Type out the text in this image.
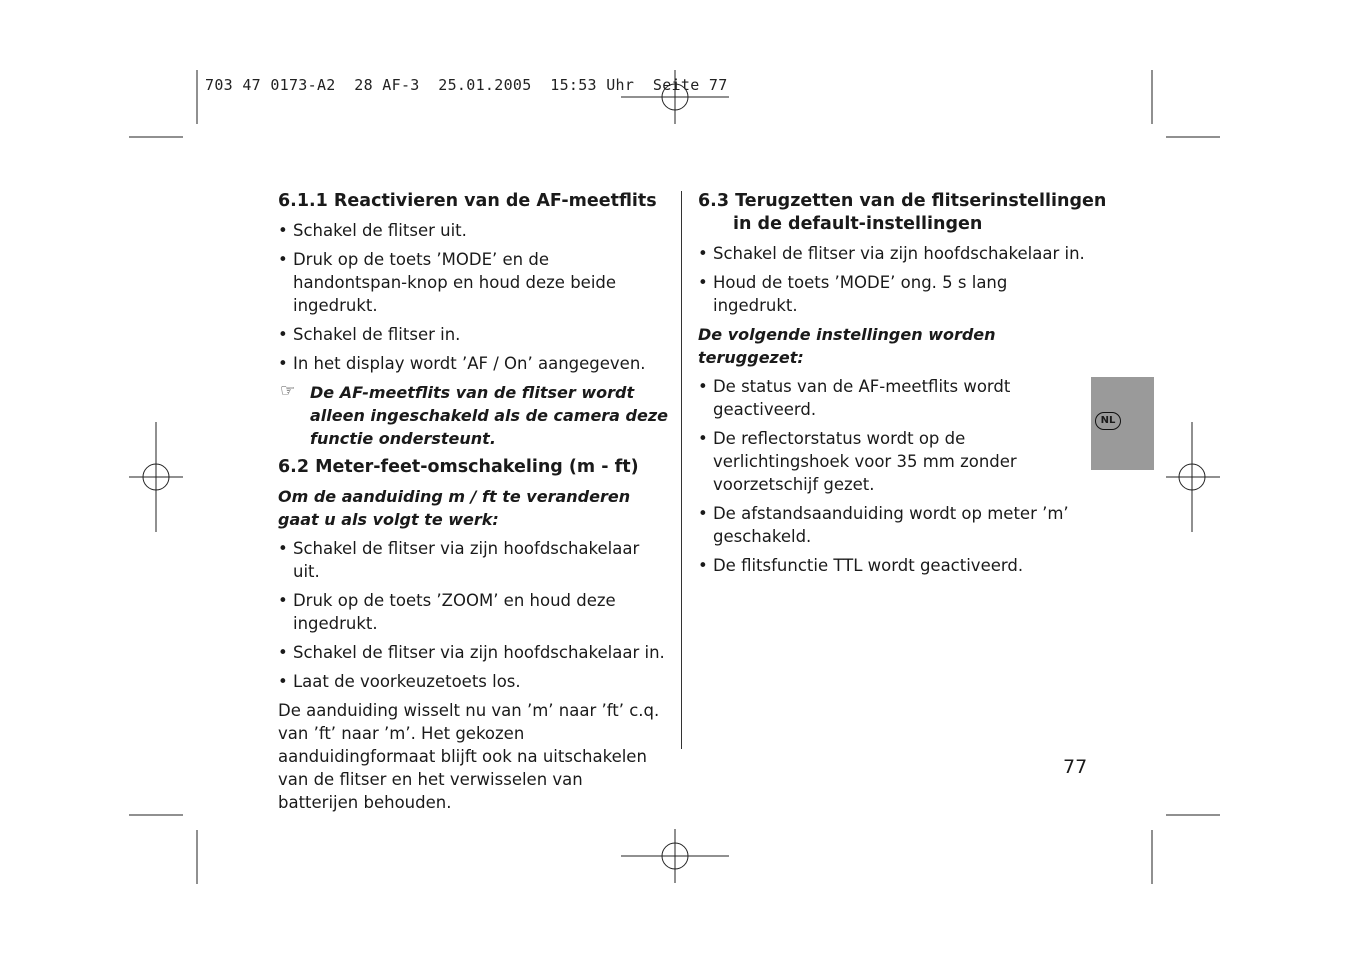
703 47 0173-A2  28 AF-3  25.01.2005  15:53 Uhr  Seite 77
6.1.1 Reactivieren van de AF-meetflits

• Schakel de flitser uit.

• Druk op de toets ’MODE’ en de handontspan-knop en houd deze beide ingedrukt.

• Schakel de flitser in.

• In het display wordt ’AF / On’ aangegeven.

☞ De AF-meetflits van de flitser wordt alleen ingeschakeld als de camera deze functie ondersteunt.
6.2 Meter-feet-omschakeling (m - ft)

Om de aanduiding m / ft te veranderen gaat u als volgt te werk:

• Schakel de flitser via zijn hoofdschakelaar uit.

• Druk op de toets ’ZOOM’ en houd deze ingedrukt.

• Schakel de flitser via zijn hoofdschakelaar in.

• Laat de voorkeuzetoets los.

De aanduiding wisselt nu van ’m’ naar ’ft’ c.q. van ’ft’ naar ’m’. Het gekozen aanduidingformaat blijft ook na uitschakelen van de flitser en het verwisselen van batterijen behouden.

6.3 Terugzetten van de flitserinstellingen
in de default-instellingen

• Schakel de flitser via zijn hoofdschakelaar in.

• Houd de toets ’MODE’ ong. 5 s lang ingedrukt.

De volgende instellingen worden teruggezet:

• De status van de AF-meetflits wordt geactiveerd.

• De reflectorstatus wordt op de verlichtingshoek voor 35 mm zonder voorzetschijf gezet.

• De afstandsaanduiding wordt op meter ’m’ geschakeld.

• De flitsfunctie TTL wordt geactiveerd.

NL
77
